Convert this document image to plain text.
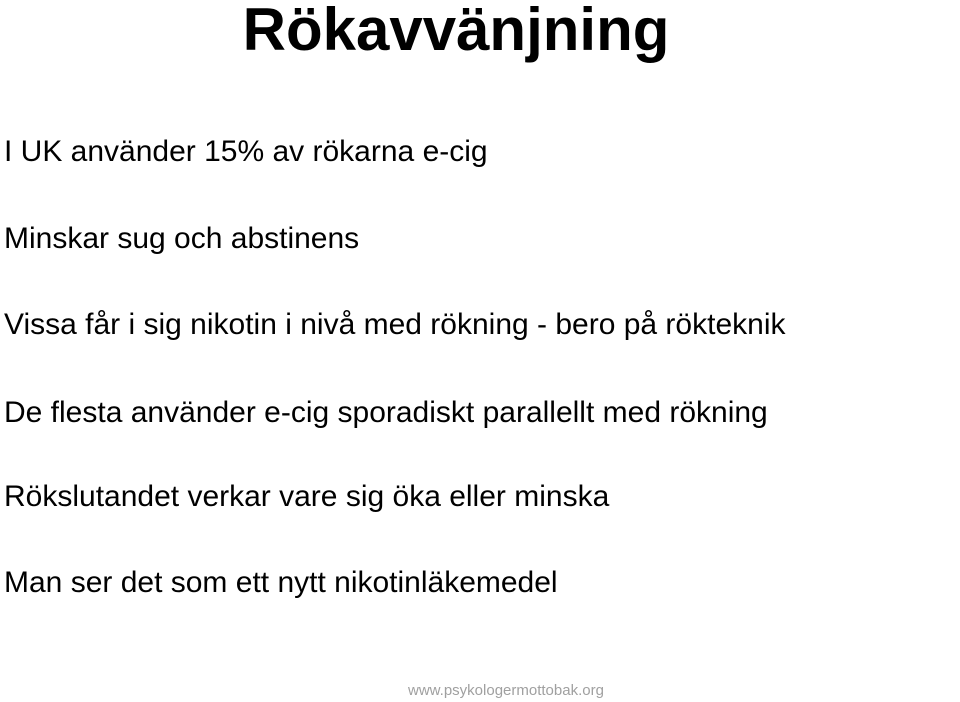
Rökavvänjning
I UK använder 15% av rökarna e-cig
Minskar sug och abstinens
Vissa får i sig nikotin i nivå med rökning - bero på rökteknik
De flesta använder e-cig sporadiskt parallellt med rökning
Rökslutandet verkar vare sig öka eller minska
Man ser det som ett nytt nikotinläkemedel
www.psykologermottobak.org
